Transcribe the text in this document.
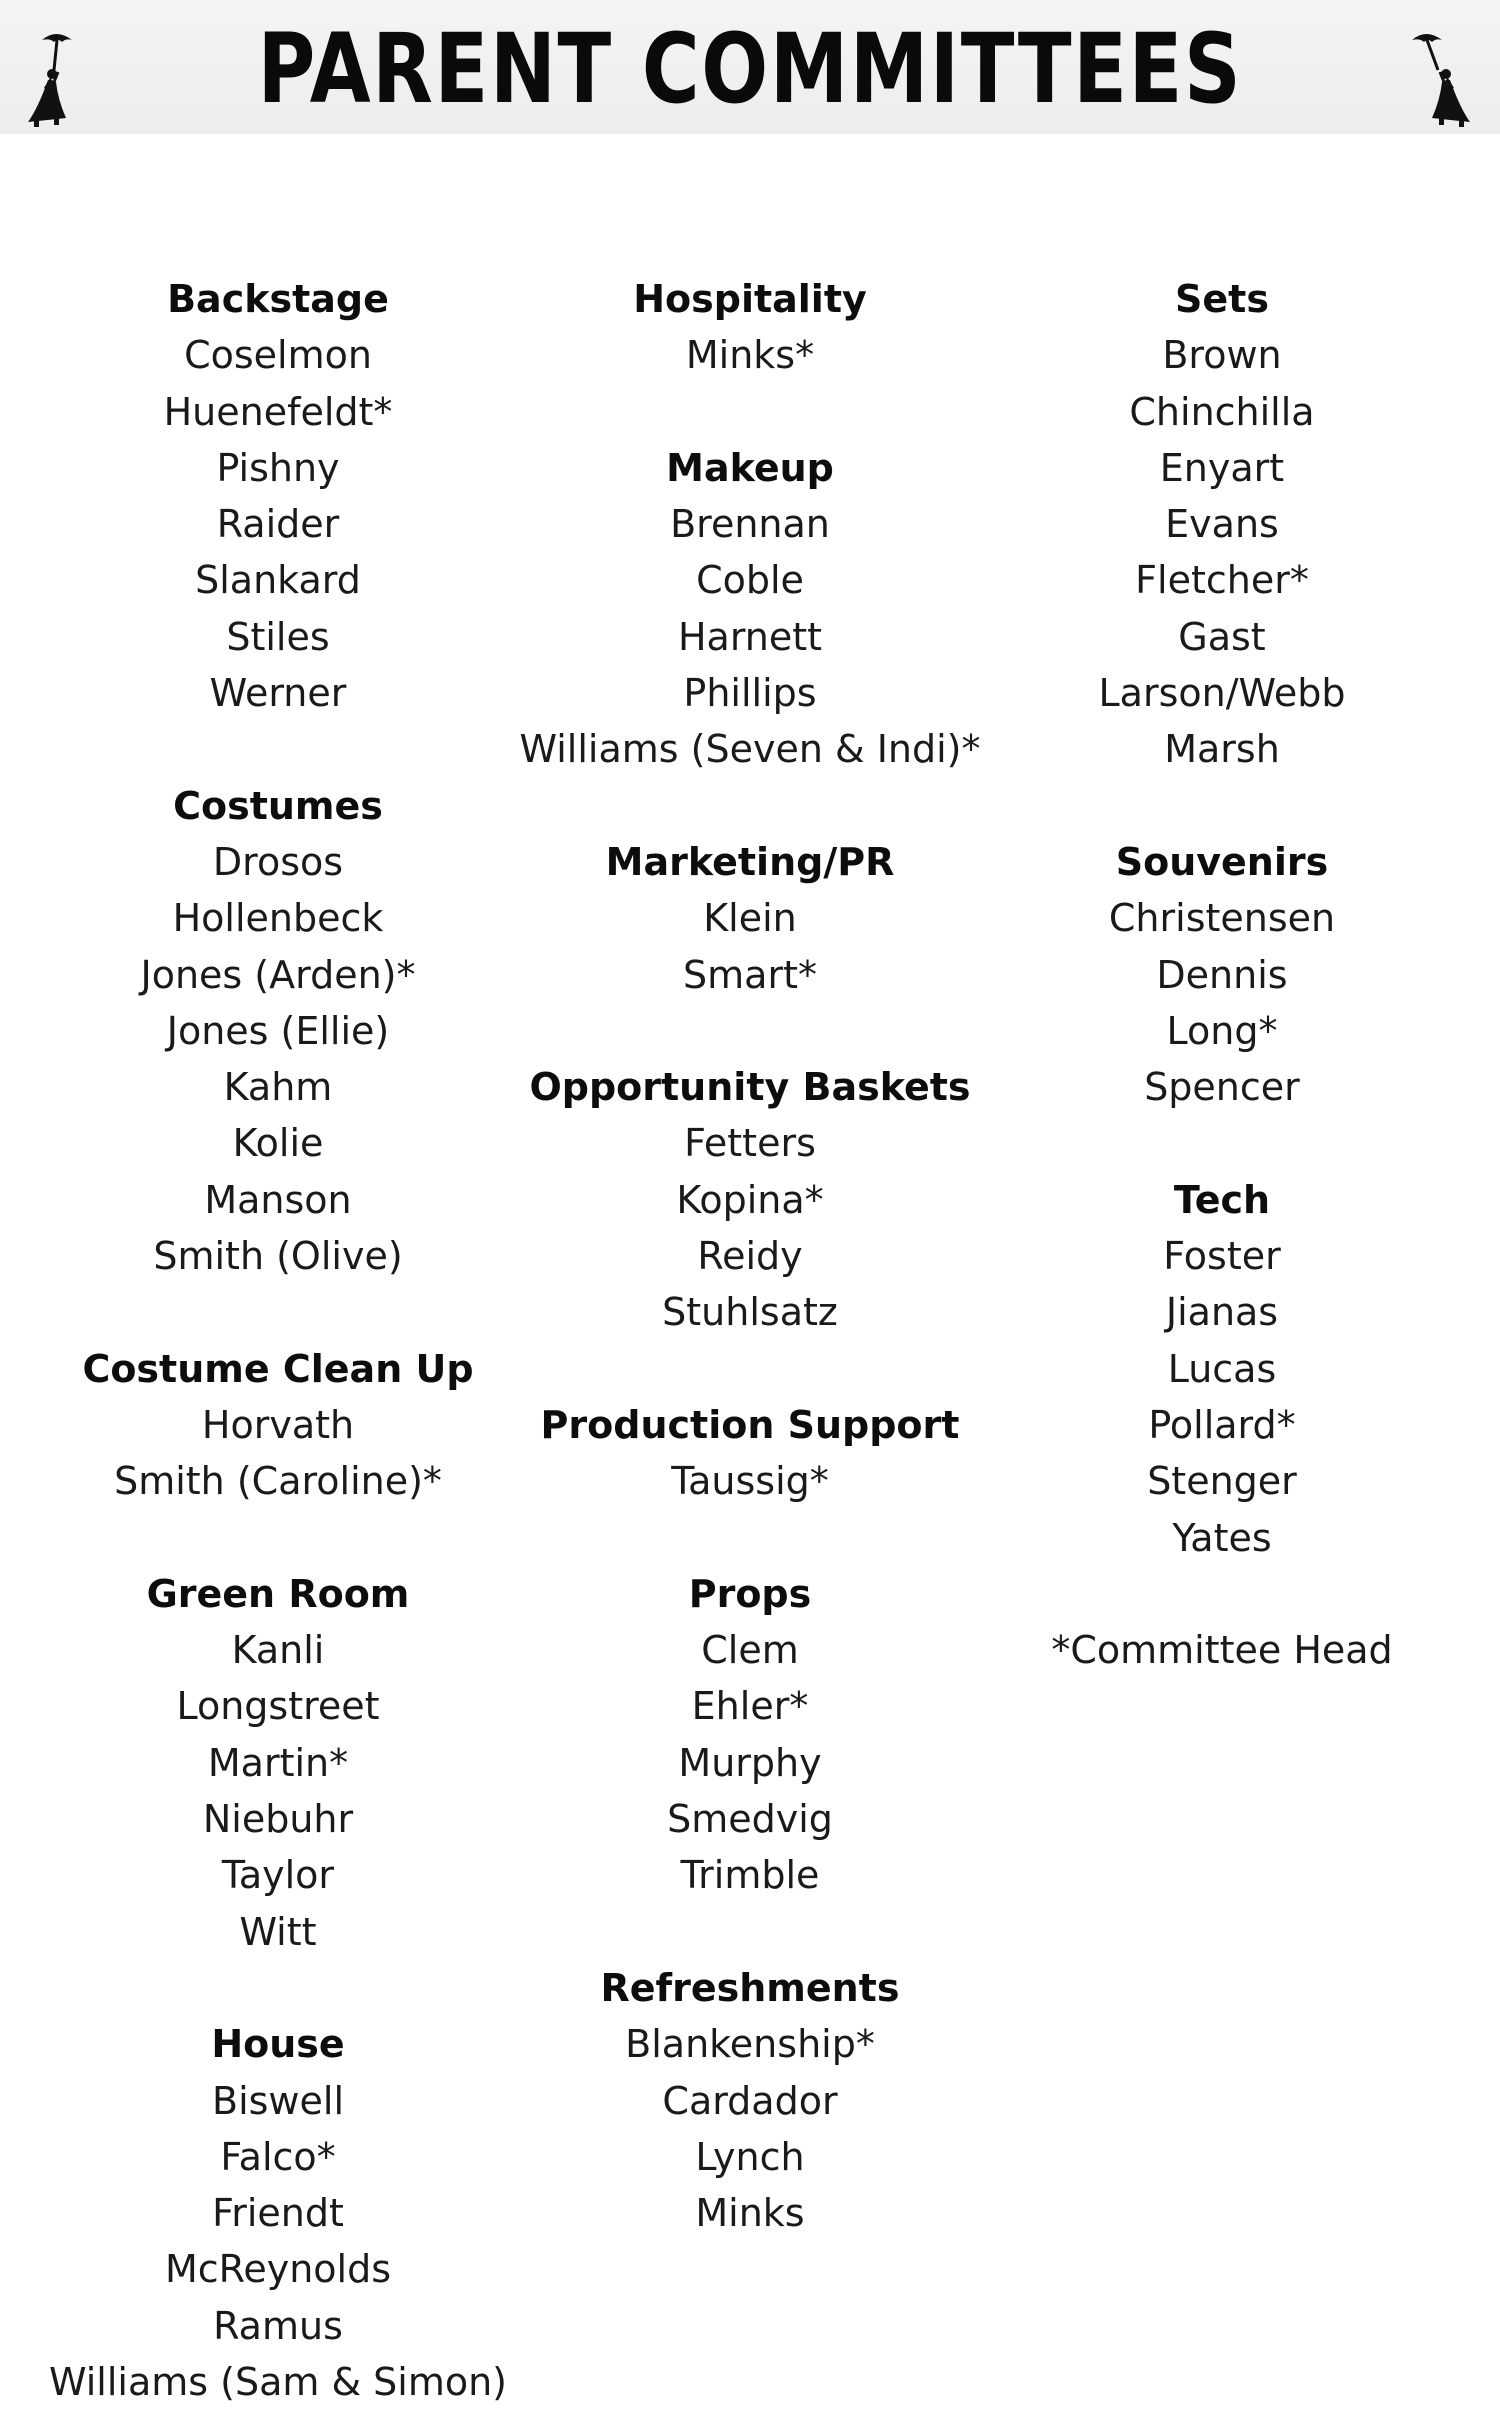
PARENT COMMITTEES
Backstage
Coselmon
Huenefeldt*
Pishny
Raider
Slankard
Stiles
Werner
Costumes
Drosos
Hollenbeck
Jones (Arden)*
Jones (Ellie)
Kahm
Kolie
Manson
Smith (Olive)
Costume Clean Up
Horvath
Smith (Caroline)*
Green Room
Kanli
Longstreet
Martin*
Niebuhr
Taylor
Witt
House
Biswell
Falco*
Friendt
McReynolds
Ramus
Williams (Sam & Simon)
Hospitality
Minks*
Makeup
Brennan
Coble
Harnett
Phillips
Williams (Seven & Indi)*
Marketing/PR
Klein
Smart*
Opportunity Baskets
Fetters
Kopina*
Reidy
Stuhlsatz
Production Support
Taussig*
Props
Clem
Ehler*
Murphy
Smedvig
Trimble
Refreshments
Blankenship*
Cardador
Lynch
Minks
Sets
Brown
Chinchilla
Enyart
Evans
Fletcher*
Gast
Larson/Webb
Marsh
Souvenirs
Christensen
Dennis
Long*
Spencer
Tech
Foster
Jianas
Lucas
Pollard*
Stenger
Yates
*Committee Head
